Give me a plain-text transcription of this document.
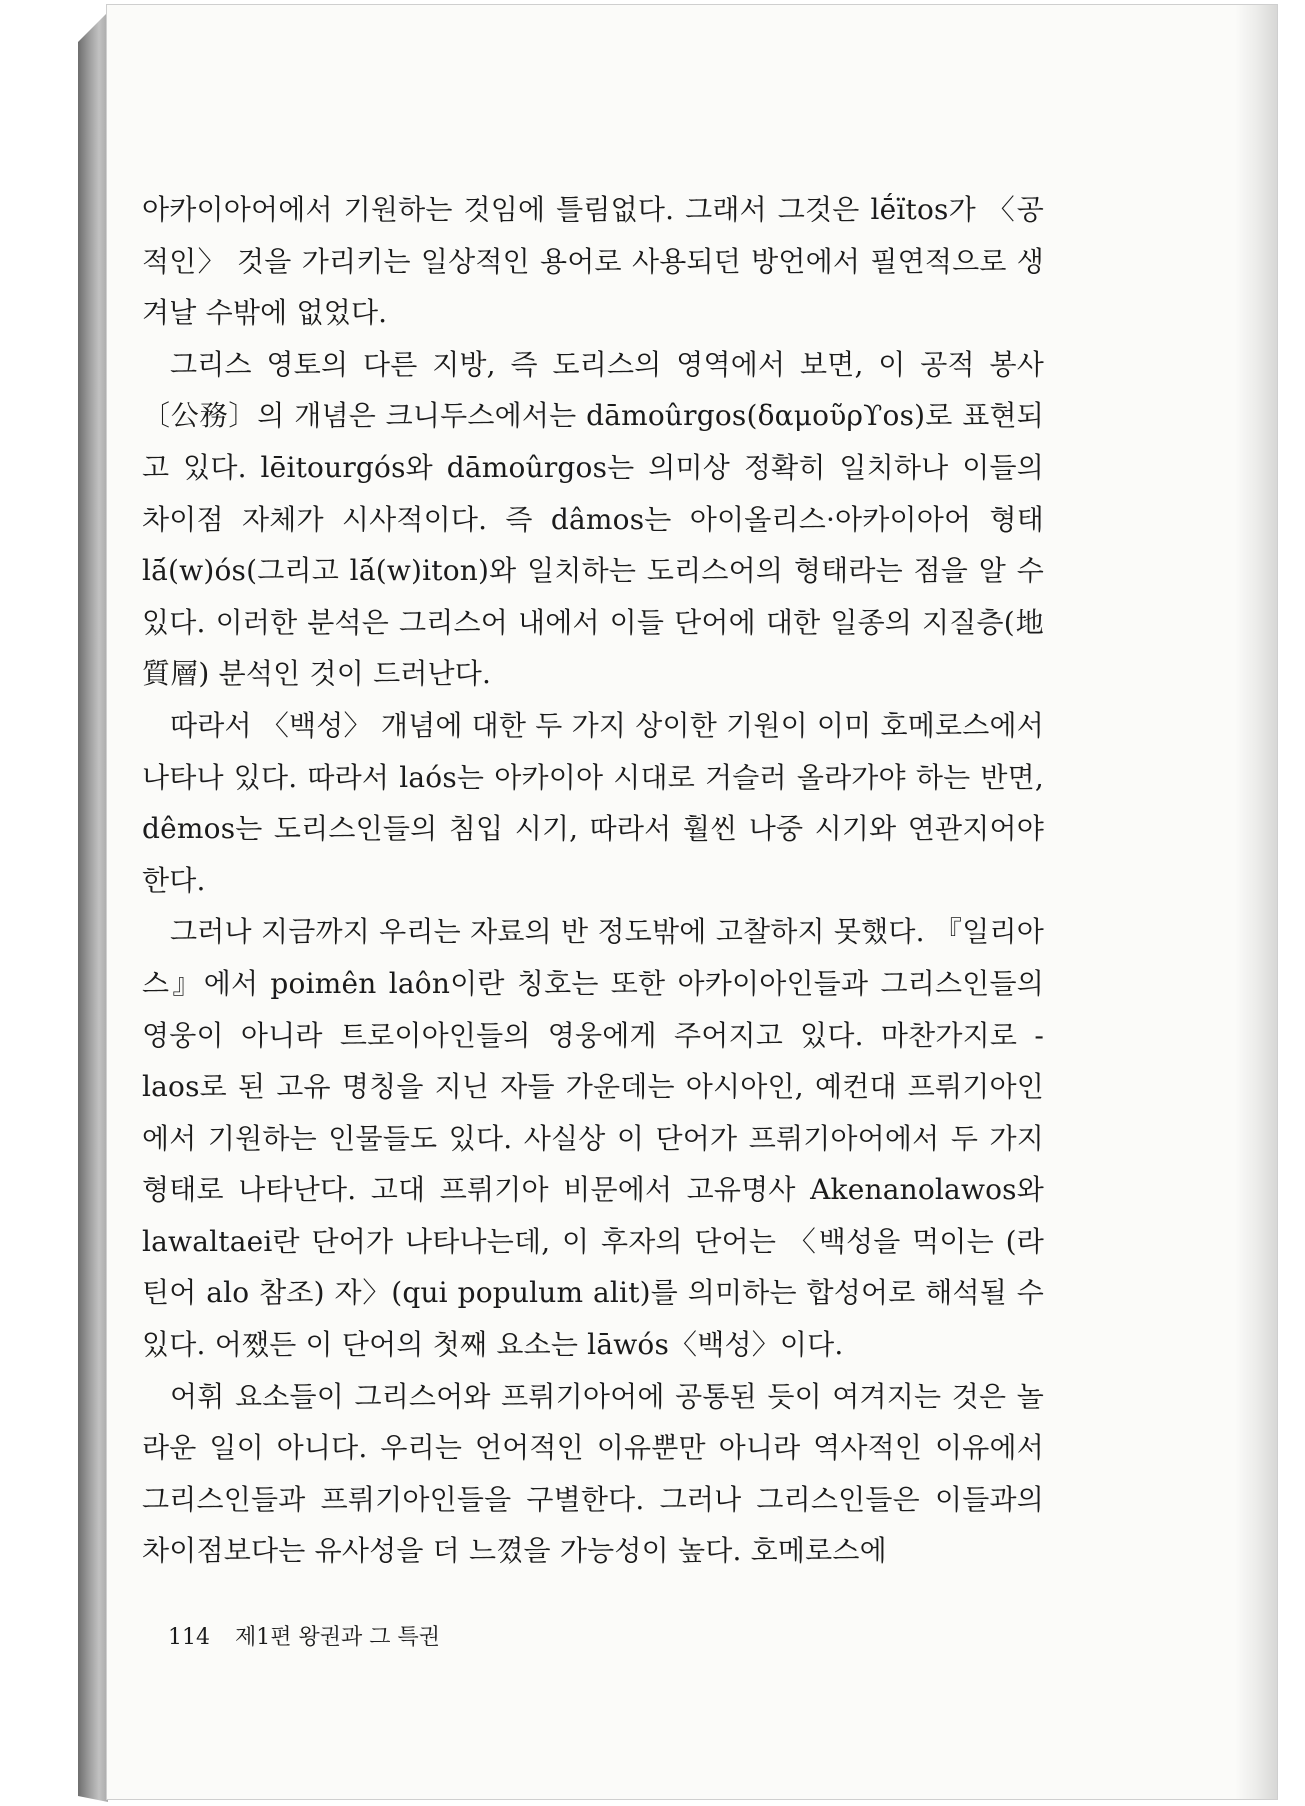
아카이아어에서 기원하는 것임에 틀림없다. 그래서 그것은 lḗïtos가 〈공적인〉 것을 가리키는 일상적인 용어로 사용되던 방언에서 필연적으로 생겨날 수밖에 없었다.

그리스 영토의 다른 지방, 즉 도리스의 영역에서 보면, 이 공적 봉사〔公務〕의 개념은 크니두스에서는 dāmoûrgos(δαμοῦρϒos)로 표현되고 있다. lēitourgós와 dāmoûrgos는 의미상 정확히 일치하나 이들의 차이점 자체가 시사적이다. 즉 dâmos는 아이올리스·아카이아어 형태 lā́(w)ós(그리고 lā́(w)iton)와 일치하는 도리스어의 형태라는 점을 알 수 있다. 이러한 분석은 그리스어 내에서 이들 단어에 대한 일종의 지질층(地質層) 분석인 것이 드러난다.

따라서 〈백성〉 개념에 대한 두 가지 상이한 기원이 이미 호메로스에서 나타나 있다. 따라서 laós는 아카이아 시대로 거슬러 올라가야 하는 반면, dêmos는 도리스인들의 침입 시기, 따라서 훨씬 나중 시기와 연관지어야 한다.

그러나 지금까지 우리는 자료의 반 정도밖에 고찰하지 못했다. 『일리아스』에서 poimên laôn이란 칭호는 또한 아카이아인들과 그리스인들의 영웅이 아니라 트로이아인들의 영웅에게 주어지고 있다. 마찬가지로 -laos로 된 고유 명칭을 지닌 자들 가운데는 아시아인, 예컨대 프뤼기아인에서 기원하는 인물들도 있다. 사실상 이 단어가 프뤼기아어에서 두 가지 형태로 나타난다. 고대 프뤼기아 비문에서 고유명사 Akenanolawos와 lawaltaei란 단어가 나타나는데, 이 후자의 단어는 〈백성을 먹이는 (라틴어 alo 참조) 자〉(qui populum alit)를 의미하는 합성어로 해석될 수 있다. 어쨌든 이 단어의 첫째 요소는 lāwós〈백성〉이다.

어휘 요소들이 그리스어와 프뤼기아어에 공통된 듯이 여겨지는 것은 놀라운 일이 아니다. 우리는 언어적인 이유뿐만 아니라 역사적인 이유에서 그리스인들과 프뤼기아인들을 구별한다. 그러나 그리스인들은 이들과의 차이점보다는 유사성을 더 느꼈을 가능성이 높다. 호메로스에

114 제1편 왕권과 그 특권
